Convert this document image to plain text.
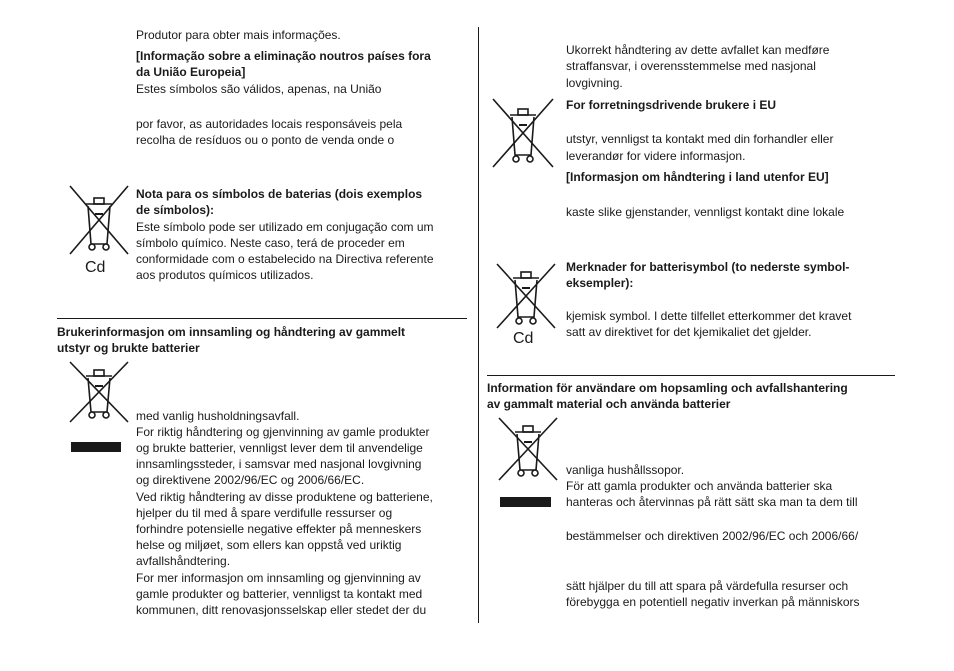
Produtor para obter mais informações.
[Informação sobre a eliminação noutros países fora
da União Europeia]
Estes símbolos são válidos, apenas, na União
por favor, as autoridades locais responsáveis pela
recolha de resíduos ou o ponto de venda onde o
Cd
Nota para os símbolos de baterias (dois exemplos
de símbolos):
Este símbolo pode ser utilizado em conjugação com um
símbolo químico. Neste caso, terá de proceder em
conformidade com o estabelecido na Directiva referente
aos produtos químicos utilizados.
Brukerinformasjon om innsamling og håndtering av gammelt
utstyr og brukte batterier
med vanlig husholdningsavfall.
For riktig håndtering og gjenvinning av gamle produkter
og brukte batterier, vennligst lever dem til anvendelige
innsamlingssteder, i samsvar med nasjonal lovgivning
og direktivene 2002/96/EC og 2006/66/EC.
Ved riktig håndtering av disse produktene og batteriene,
hjelper du til med å spare verdifulle ressurser og
forhindre potensielle negative effekter på menneskers
helse og miljøet, som ellers kan oppstå ved uriktig
avfallshåndtering.
For mer informasjon om innsamling og gjenvinning av
gamle produkter og batterier, vennligst ta kontakt med
kommunen, ditt renovasjonsselskap eller stedet der du
Ukorrekt håndtering av dette avfallet kan medføre
straffansvar, i overensstemmelse med nasjonal
lovgivning.
For forretningsdrivende brukere i EU
utstyr, vennligst ta kontakt med din forhandler eller
leverandør for videre informasjon.
[Informasjon om håndtering i land utenfor EU]
kaste slike gjenstander, vennligst kontakt dine lokale
Cd
Merknader for batterisymbol (to nederste symbol-
eksempler):
kjemisk symbol. I dette tilfellet etterkommer det kravet
satt av direktivet for det kjemikaliet det gjelder.
Information för användare om hopsamling och avfallshantering
av gammalt material och använda batterier
vanliga hushållssopor.
För att gamla produkter och använda batterier ska
hanteras och återvinnas på rätt sätt ska man ta dem till
bestämmelser och direktiven 2002/96/EC och 2006/66/
sätt hjälper du till att spara på värdefulla resurser och
förebygga en potentiell negativ inverkan på människors
